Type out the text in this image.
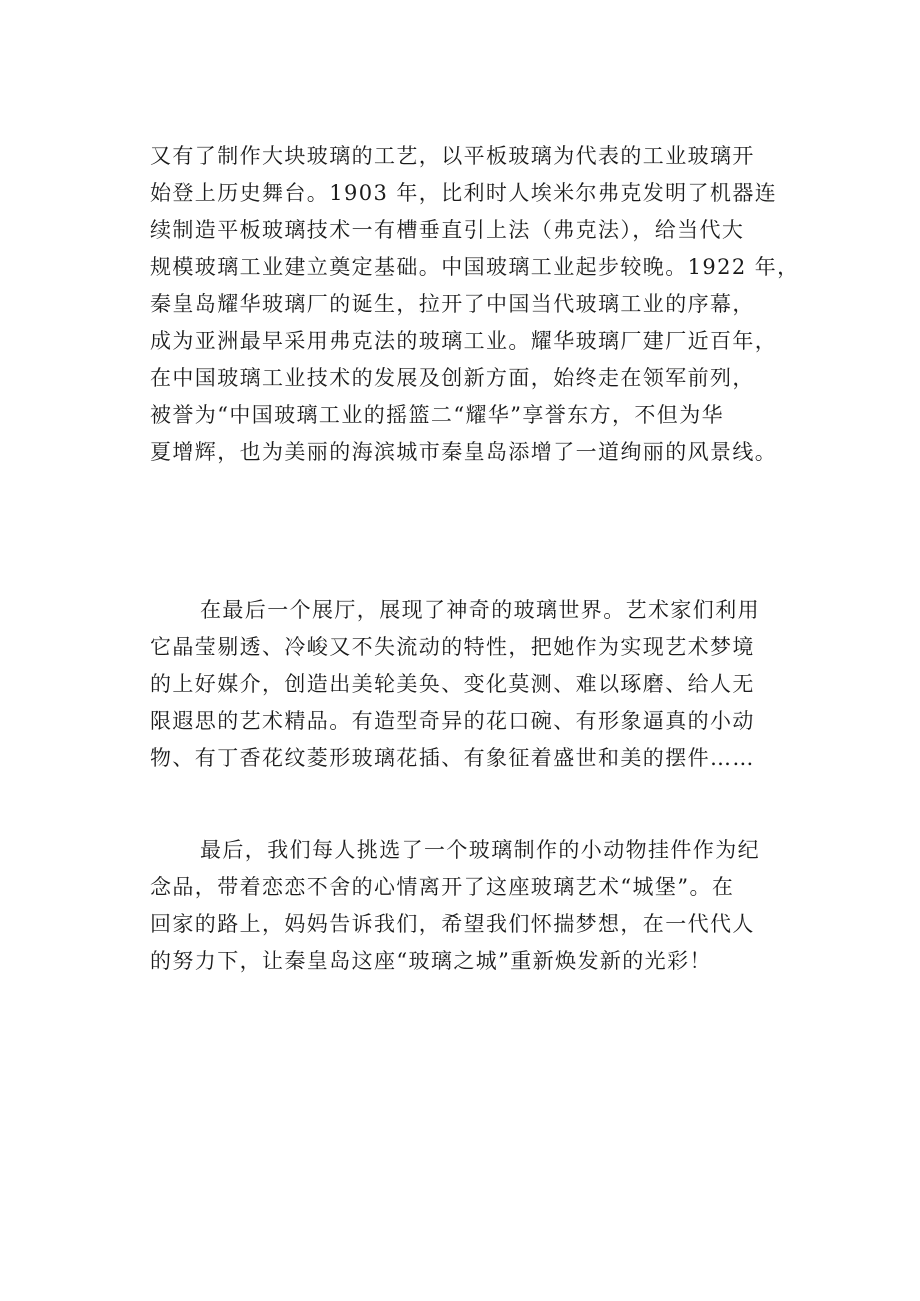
又有了制作大块玻璃的工艺，以平板玻璃为代表的工业玻璃开
始登上历史舞台。1903 年，比利时人埃米尔弗克发明了机器连
续制造平板玻璃技术一有槽垂直引上法（弗克法），给当代大
规模玻璃工业建立奠定基础。中国玻璃工业起步较晚。1922 年，
秦皇岛耀华玻璃厂的诞生，拉开了中国当代玻璃工业的序幕，
成为亚洲最早采用弗克法的玻璃工业。耀华玻璃厂建厂近百年，
在中国玻璃工业技术的发展及创新方面，始终走在领军前列，
被誉为“中国玻璃工业的摇篮二“耀华”享誉东方，不但为华
夏增辉，也为美丽的海滨城市秦皇岛添增了一道绚丽的风景线。
在最后一个展厅，展现了神奇的玻璃世界。艺术家们利用
它晶莹剔透、冷峻又不失流动的特性，把她作为实现艺术梦境
的上好媒介，创造出美轮美奂、变化莫测、难以琢磨、给人无
限遐思的艺术精品。有造型奇异的花口碗、有形象逼真的小动
物、有丁香花纹菱形玻璃花插、有象征着盛世和美的摆件……
最后，我们每人挑选了一个玻璃制作的小动物挂件作为纪
念品，带着恋恋不舍的心情离开了这座玻璃艺术“城堡”。在
回家的路上，妈妈告诉我们，希望我们怀揣梦想，在一代代人
的努力下，让秦皇岛这座“玻璃之城”重新焕发新的光彩！
